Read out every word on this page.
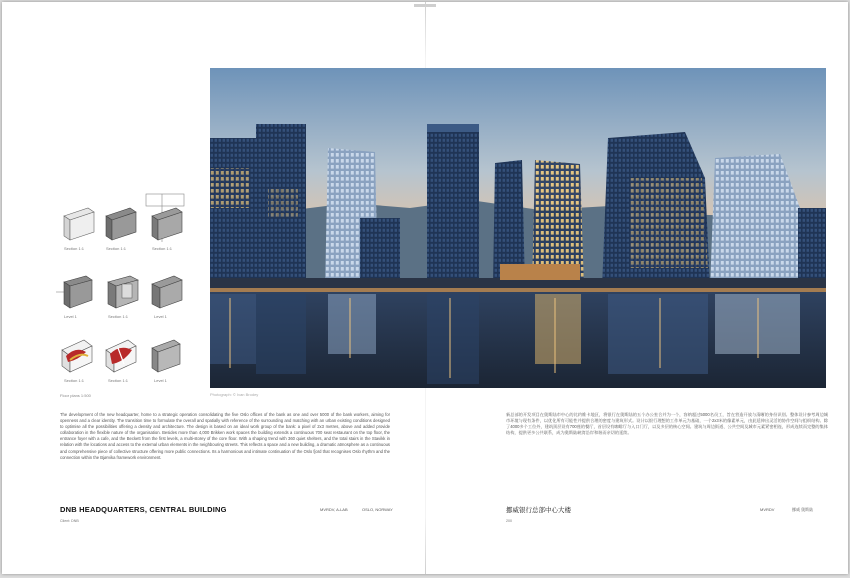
Section 1:1	Section 1:1	Section 1:1
Level 1	Section 1:1	Level 1
Section 1:1	Section 1:1	Level 1
Floor plans 1:500	Photograph: © Ivan Brodey
The development of the new headquarter, home to a strategic operation consolidating the five Oslo offices of the bank as one and over 5000 of the bank workers, aiming for openness and a clear identity. The transition time to formulate the overall and spatially with reference of the surrounding and matching with an urban existing conditions designed to optimise all the possibilities offering a density and architecture. The design is based on an ideal work group of the bank: a pixel of 2x3 metres, above and added provide collaboration in the flexible nature of the organisation. Besides more than 4,000 Brikken work spaces the building extends a continuous 700 seat restaurant on the top floor, the entrance foyer with a cafe, and the Beckett from the first levels, a multi-storey of the core floor. With a shaping trend with 360 quiet shelters, and the total stairs in the Stavikk in relation with the locations and access to the external urban elements in the neighbouring streets. This reflects a space and a new building, a dramatic atmosphere as a continuous and comprehensive piece of collective structure offering more public connections. Its a harmonious and intimate continuation of the Oslo fjord that recognises Oslo rhythm and the connection within the Bjørvika framework environment.
新总部的开发项目在奥斯陆市中心的比约维卡地区，将银行在奥斯陆的五个办公室合并为一个，容纳超过5000名员工，旨在营造开放与清晰的身份识别。整体设计参考周边城市环境与现有条件，以优化所有可能性并提供合理的密度与建筑形式。设计以银行理想的工作单元为基础，一个2x3米的像素单元，由此延伸出灵活的协作空间与组织结构。除了4000多个工位外，建筑顶层设有700座的餐厅，首层设有咖啡厅与入口门厅，以及多层的核心空间。建筑与周边街道、公共空间及城市元素紧密相连，形成连续而完整的集体结构，提供更多公共联系，成为奥斯陆峡湾沿岸和谐而亲切的延续。
DNB HEADQUARTERS, CENTRAL BUILDING	MVRDV, A-LAB	OSLO, NORWAY
Client: DNB
挪威银行总部中心大楼	MVRDV	挪威 奥斯陆
200
